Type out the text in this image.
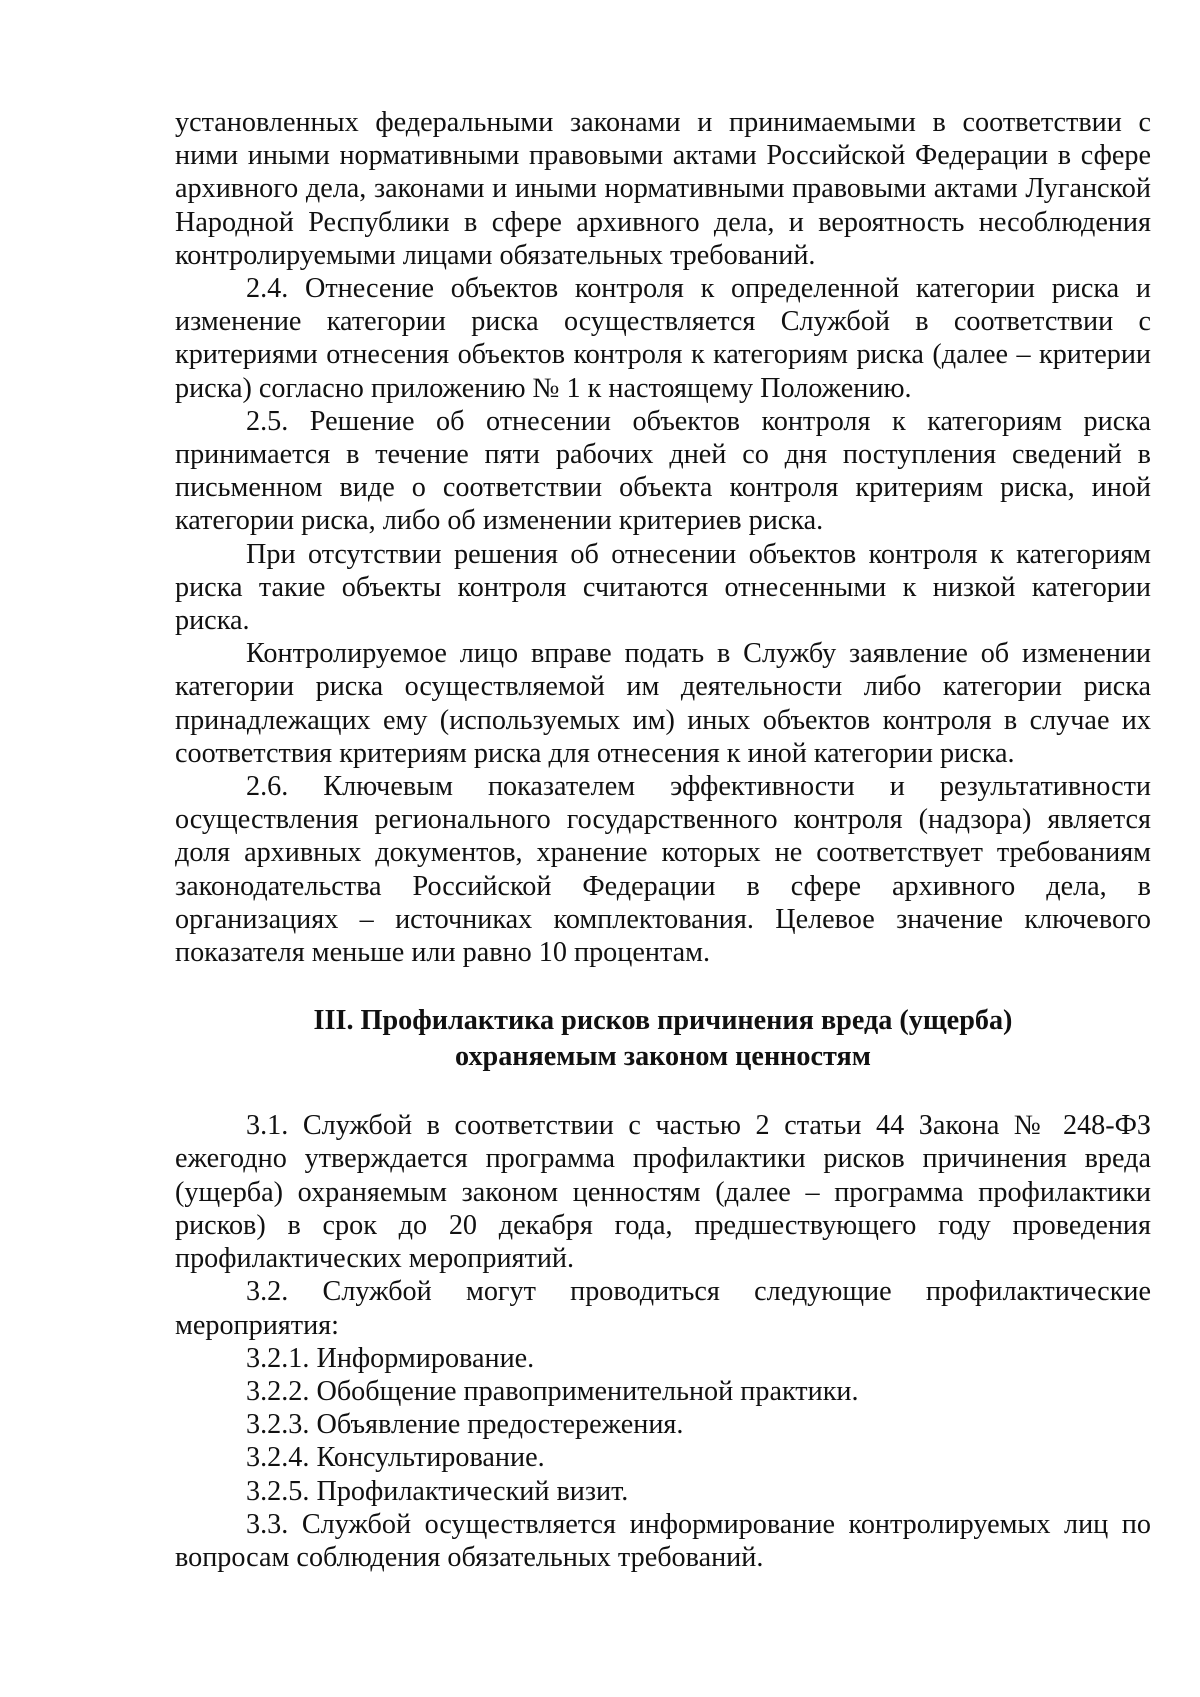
установленных федеральными законами и принимаемыми в соответствии с ними иными нормативными правовыми актами Российской Федерации в сфере архивного дела, законами и иными нормативными правовыми актами Луганской Народной Республики в сфере архивного дела, и вероятность несоблюдения контролируемыми лицами обязательных требований.

2.4. Отнесение объектов контроля к определенной категории риска и изменение категории риска осуществляется Службой в соответствии с критериями отнесения объектов контроля к категориям риска (далее – критерии риска) согласно приложению № 1 к настоящему Положению.

2.5. Решение об отнесении объектов контроля к категориям риска принимается в течение пяти рабочих дней со дня поступления сведений в письменном виде о соответствии объекта контроля критериям риска, иной категории риска, либо об изменении критериев риска.

При отсутствии решения об отнесении объектов контроля к категориям риска такие объекты контроля считаются отнесенными к низкой категории риска.

Контролируемое лицо вправе подать в Службу заявление об изменении категории риска осуществляемой им деятельности либо категории риска принадлежащих ему (используемых им) иных объектов контроля в случае их соответствия критериям риска для отнесения к иной категории риска.

2.6. Ключевым показателем эффективности и результативности осуществления регионального государственного контроля (надзора) является доля архивных документов, хранение которых не соответствует требованиям законодательства Российской Федерации в сфере архивного дела, в организациях – источниках комплектования. Целевое значение ключевого показателя меньше или равно 10 процентам.

III. Профилактика рисков причинения вреда (ущерба)
охраняемым законом ценностям

3.1. Службой в соответствии с частью 2 статьи 44 Закона № 248-ФЗ ежегодно утверждается программа профилактики рисков причинения вреда (ущерба) охраняемым законом ценностям (далее – программа профилактики рисков) в срок до 20 декабря года, предшествующего году проведения профилактических мероприятий.

3.2. Службой могут проводиться следующие профилактические мероприятия:

3.2.1. Информирование.

3.2.2. Обобщение правоприменительной практики.

3.2.3. Объявление предостережения.

3.2.4. Консультирование.

3.2.5. Профилактический визит.

3.3. Службой осуществляется информирование контролируемых лиц по вопросам соблюдения обязательных требований.
